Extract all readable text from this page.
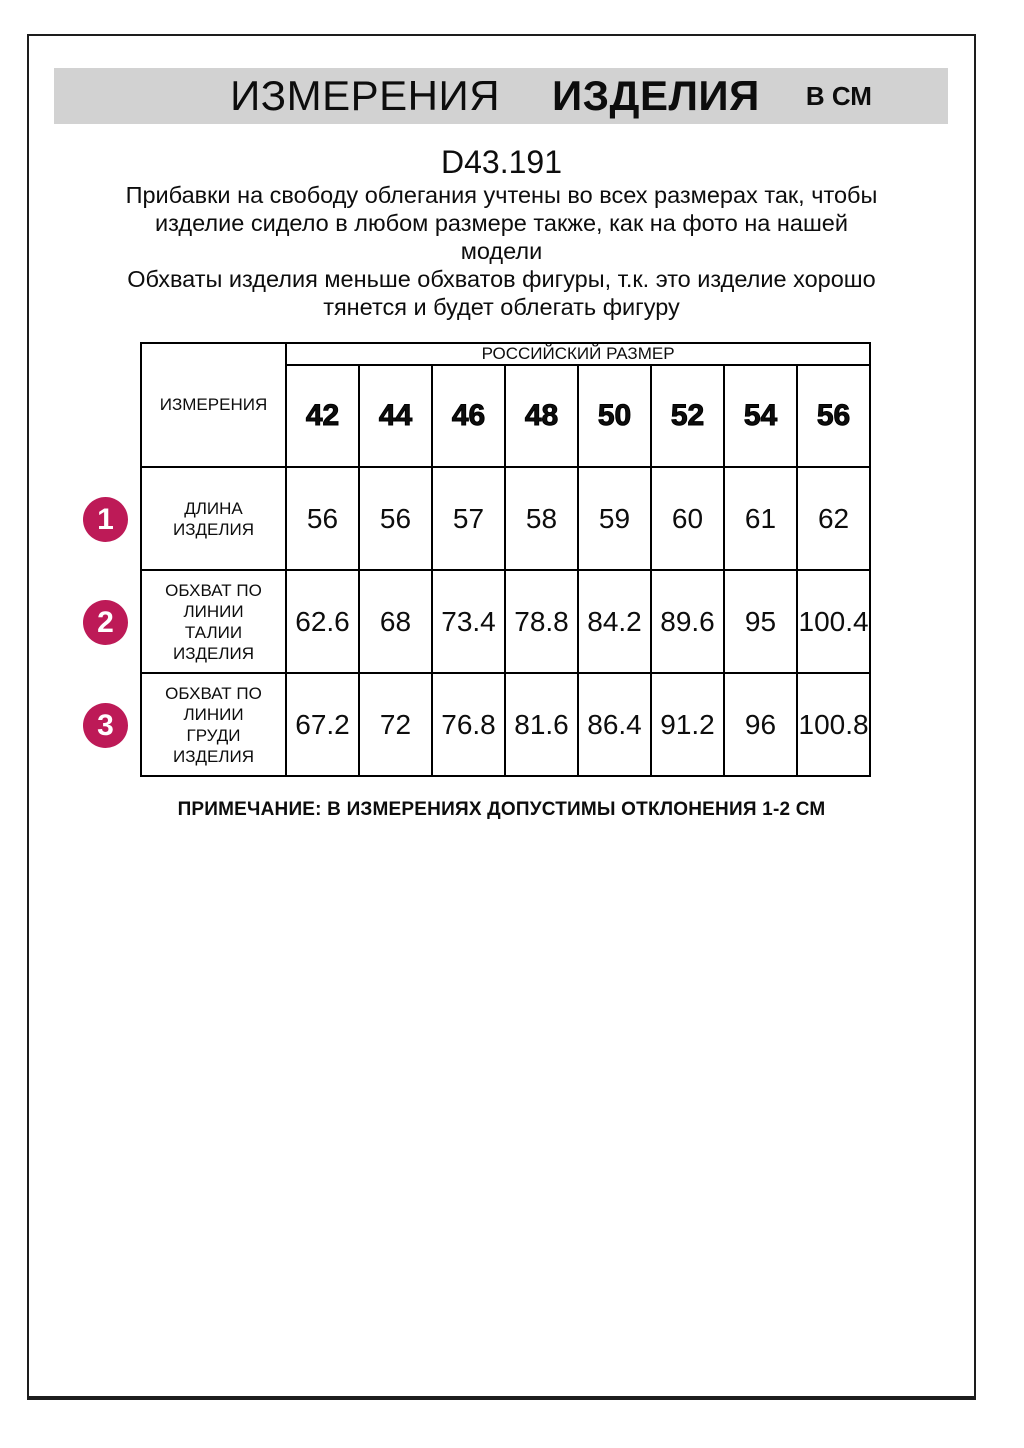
ИЗМЕРЕНИЯ ИЗДЕЛИЯ В СМ
D43.191
Прибавки на свободу облегания учтены во всех размерах так, чтобы
изделие сидело в любом размере также, как на фото на нашей
модели
Обхваты изделия меньше обхватов фигуры, т.к. это изделие хорошо
тянется и будет облегать фигуру
ИЗМЕРЕНИЯ	РОССИЙСКИЙ РАЗМЕР							
	42	44	46	48	50	52	54	56
ДЛИНА ИЗДЕЛИЯ	56	56	57	58	59	60	61	62
ОБХВАТ ПО ЛИНИИ ТАЛИИ ИЗДЕЛИЯ	62.6	68	73.4	78.8	84.2	89.6	95	100.4
ОБХВАТ ПО ЛИНИИ ГРУДИ ИЗДЕЛИЯ	67.2	72	76.8	81.6	86.4	91.2	96	100.8
1
2
3
ПРИМЕЧАНИЕ: В ИЗМЕРЕНИЯХ ДОПУСТИМЫ ОТКЛОНЕНИЯ 1-2 СМ
